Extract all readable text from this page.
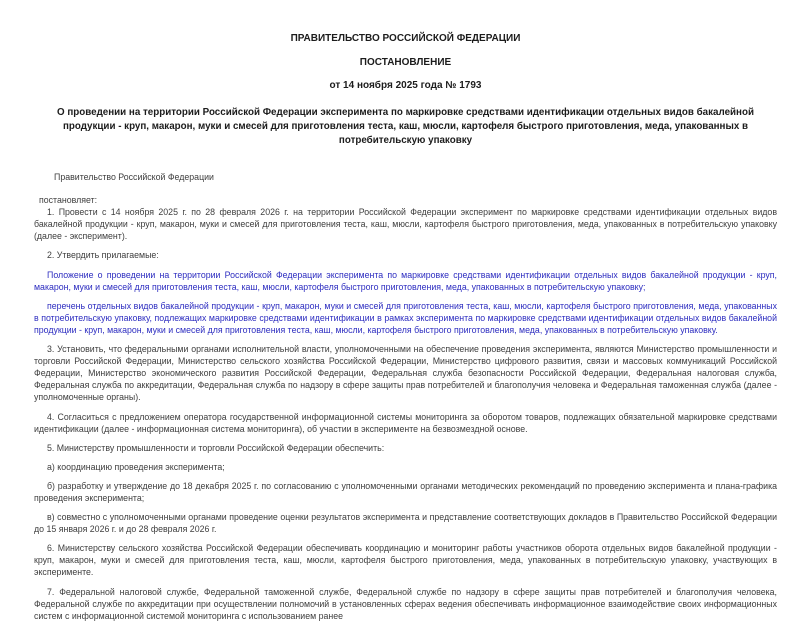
ПРАВИТЕЛЬСТВО РОССИЙСКОЙ ФЕДЕРАЦИИ

ПОСТАНОВЛЕНИЕ

от 14 ноября 2025 года № 1793

О проведении на территории Российской Федерации эксперимента по маркировке средствами идентификации отдельных видов бакалейной продукции - круп, макарон, муки и смесей для приготовления теста, каш, мюсли, картофеля быстрого приготовления, меда, упакованных в потребительскую упаковку

Правительство Российской Федерации

постановляет:

1. Провести с 14 ноября 2025 г. по 28 февраля 2026 г. на территории Российской Федерации эксперимент по маркировке средствами идентификации отдельных видов бакалейной продукции - круп, макарон, муки и смесей для приготовления теста, каш, мюсли, картофеля быстрого приготовления, меда, упакованных в потребительскую упаковку (далее - эксперимент).

2. Утвердить прилагаемые:

Положение о проведении на территории Российской Федерации эксперимента по маркировке средствами идентификации отдельных видов бакалейной продукции - круп, макарон, муки и смесей для приготовления теста, каш, мюсли, картофеля быстрого приготовления, меда, упакованных в потребительскую упаковку;

перечень отдельных видов бакалейной продукции - круп, макарон, муки и смесей для приготовления теста, каш, мюсли, картофеля быстрого приготовления, меда, упакованных в потребительскую упаковку, подлежащих маркировке средствами идентификации в рамках эксперимента по маркировке средствами идентификации отдельных видов бакалейной продукции - круп, макарон, муки и смесей для приготовления теста, каш, мюсли, картофеля быстрого приготовления, меда, упакованных в потребительскую упаковку.

3. Установить, что федеральными органами исполнительной власти, уполномоченными на обеспечение проведения эксперимента, являются Министерство промышленности и торговли Российской Федерации, Министерство сельского хозяйства Российской Федерации, Министерство цифрового развития, связи и массовых коммуникаций Российской Федерации, Министерство экономического развития Российской Федерации, Федеральная служба безопасности Российской Федерации, Федеральная налоговая служба, Федеральная служба по аккредитации, Федеральная служба по надзору в сфере защиты прав потребителей и благополучия человека и Федеральная таможенная служба (далее - уполномоченные органы).

4. Согласиться с предложением оператора государственной информационной системы мониторинга за оборотом товаров, подлежащих обязательной маркировке средствами идентификации (далее - информационная система мониторинга), об участии в эксперименте на безвозмездной основе.

5. Министерству промышленности и торговли Российской Федерации обеспечить:

а) координацию проведения эксперимента;

б) разработку и утверждение до 18 декабря 2025 г. по согласованию с уполномоченными органами методических рекомендаций по проведению эксперимента и плана-графика проведения эксперимента;

в) совместно с уполномоченными органами проведение оценки результатов эксперимента и представление соответствующих докладов в Правительство Российской Федерации до 15 января 2026 г. и до 28 февраля 2026 г.

6. Министерству сельского хозяйства Российской Федерации обеспечивать координацию и мониторинг работы участников оборота отдельных видов бакалейной продукции - круп, макарон, муки и смесей для приготовления теста, каш, мюсли, картофеля быстрого приготовления, меда, упакованных в потребительскую упаковку, участвующих в эксперименте.

7. Федеральной налоговой службе, Федеральной таможенной службе, Федеральной службе по надзору в сфере защиты прав потребителей и благополучия человека, Федеральной службе по аккредитации при осуществлении полномочий в установленных сферах ведения обеспечивать информационное взаимодействие своих информационных систем с информационной системой мониторинга с использованием ранее
